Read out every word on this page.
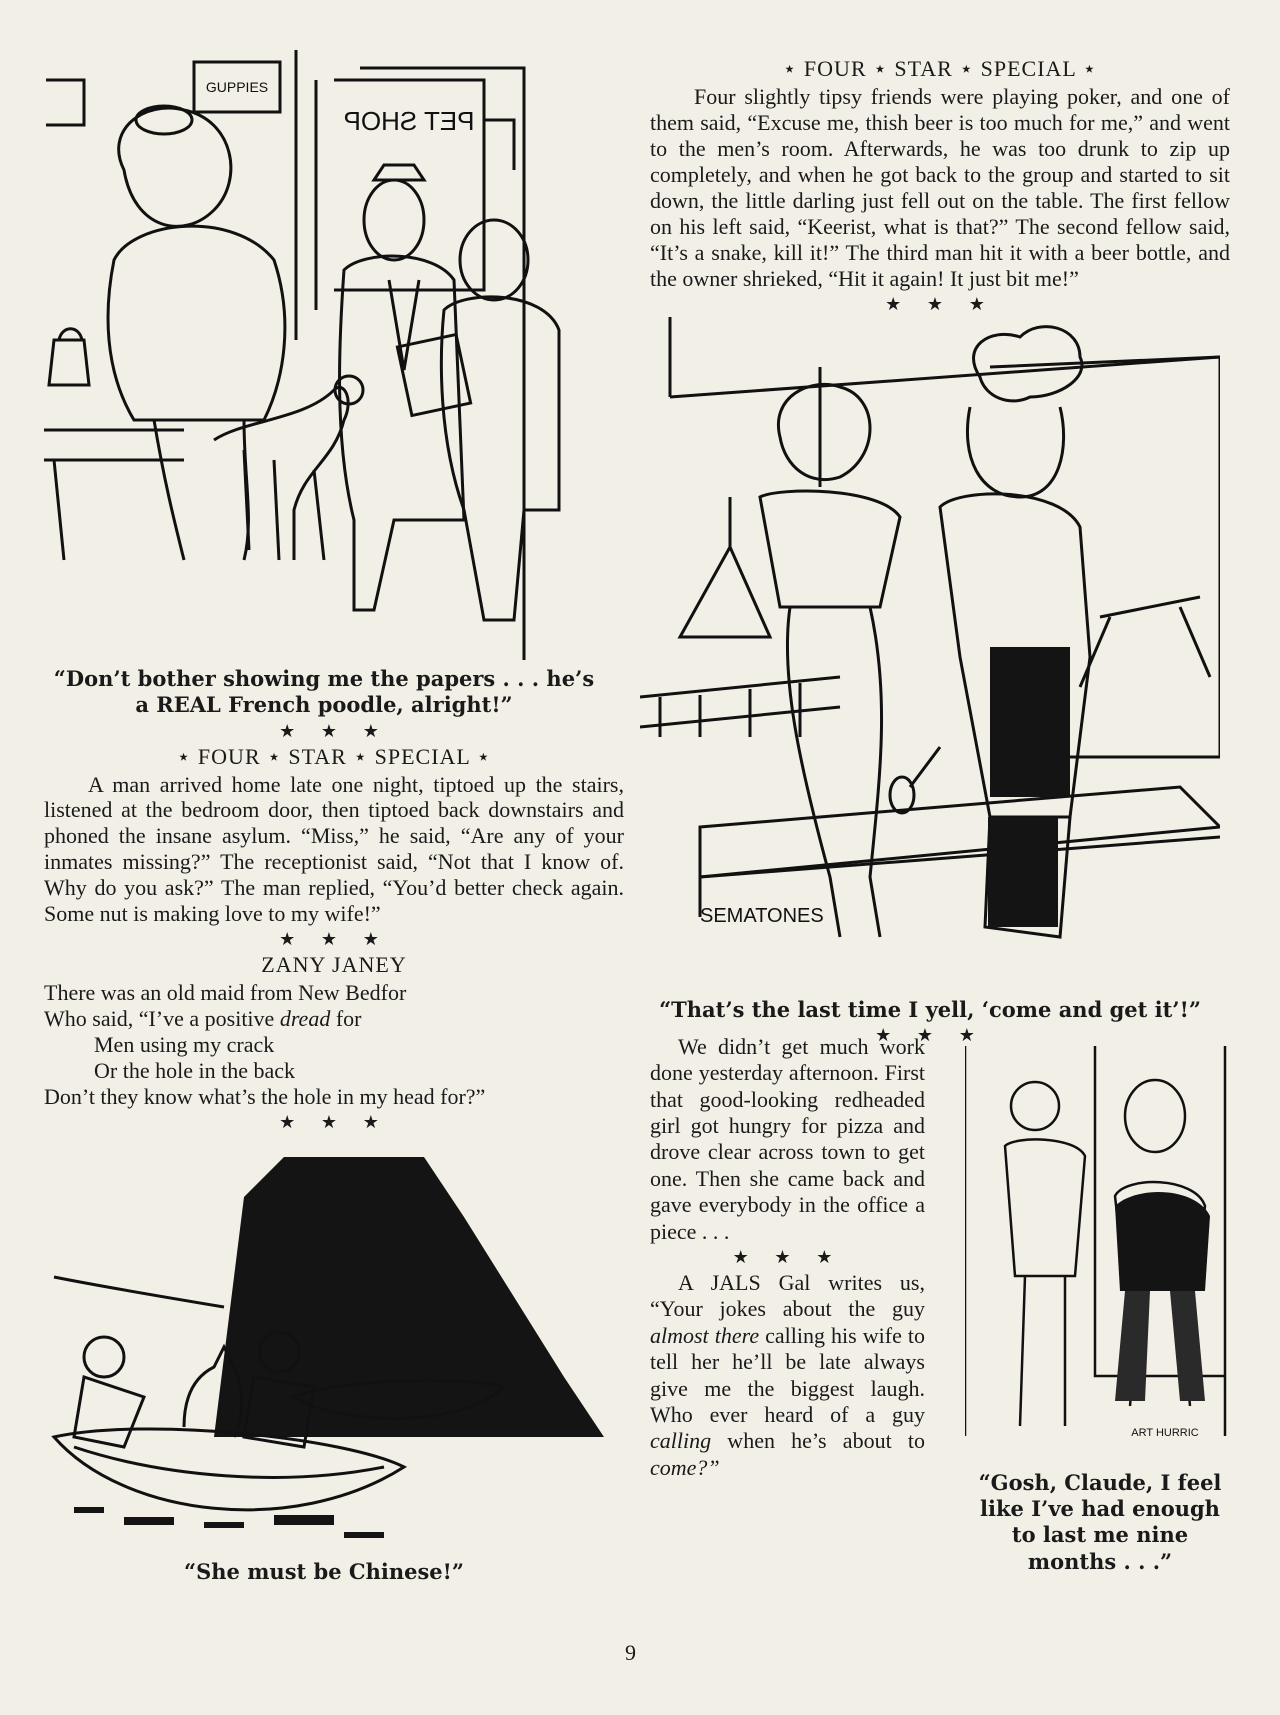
GUPPIES
PET SHOP

“Don’t bother showing me the papers . . . he’s a REAL French poodle, alright!”

★ ★ ★
⋆ FOUR ⋆ STAR ⋆ SPECIAL ⋆

A man arrived home late one night, tiptoed up the stairs, listened at the bedroom door, then tiptoed back downstairs and phoned the insane asylum. “Miss,” he said, “Are any of your inmates missing?” The receptionist said, “Not that I know of. Why do you ask?” The man replied, “You’d better check again. Some nut is making love to my wife!”

★ ★ ★
ZANY JANEY
There was an old maid from New Bedfor
Who said, “I’ve a positive dread for
Men using my crack
Or the hole in the back
Don’t they know what’s the hole in my head for?”
★ ★ ★

“She must be Chinese!”

⋆ FOUR ⋆ STAR ⋆ SPECIAL ⋆

Four slightly tipsy friends were playing poker, and one of them said, “Excuse me, thish beer is too much for me,” and went to the men’s room. Afterwards, he was too drunk to zip up completely, and when he got back to the group and started to sit down, the little darling just fell out on the table. The first fellow on his left said, “Keerist, what is that?” The second fellow said, “It’s a snake, kill it!” The third man hit it with a beer bottle, and the owner shrieked, “Hit it again! It just bit me!”

★ ★ ★
SEMATONES

“That’s the last time I yell, ‘come and get it’!”

★ ★ ★

We didn’t get much work done yesterday afternoon. First that good-looking redheaded girl got hungry for pizza and drove clear across town to get one. Then she came back and gave everybody in the office a piece . . .

★ ★ ★

A JALS Gal writes us, “Your jokes about the guy almost there calling his wife to tell her he’ll be late always give me the biggest laugh. Who ever heard of a guy calling when he’s about to come?”

ART HURRIC

“Gosh, Claude, I feel like I’ve had enough to last me nine months . . .”

9
